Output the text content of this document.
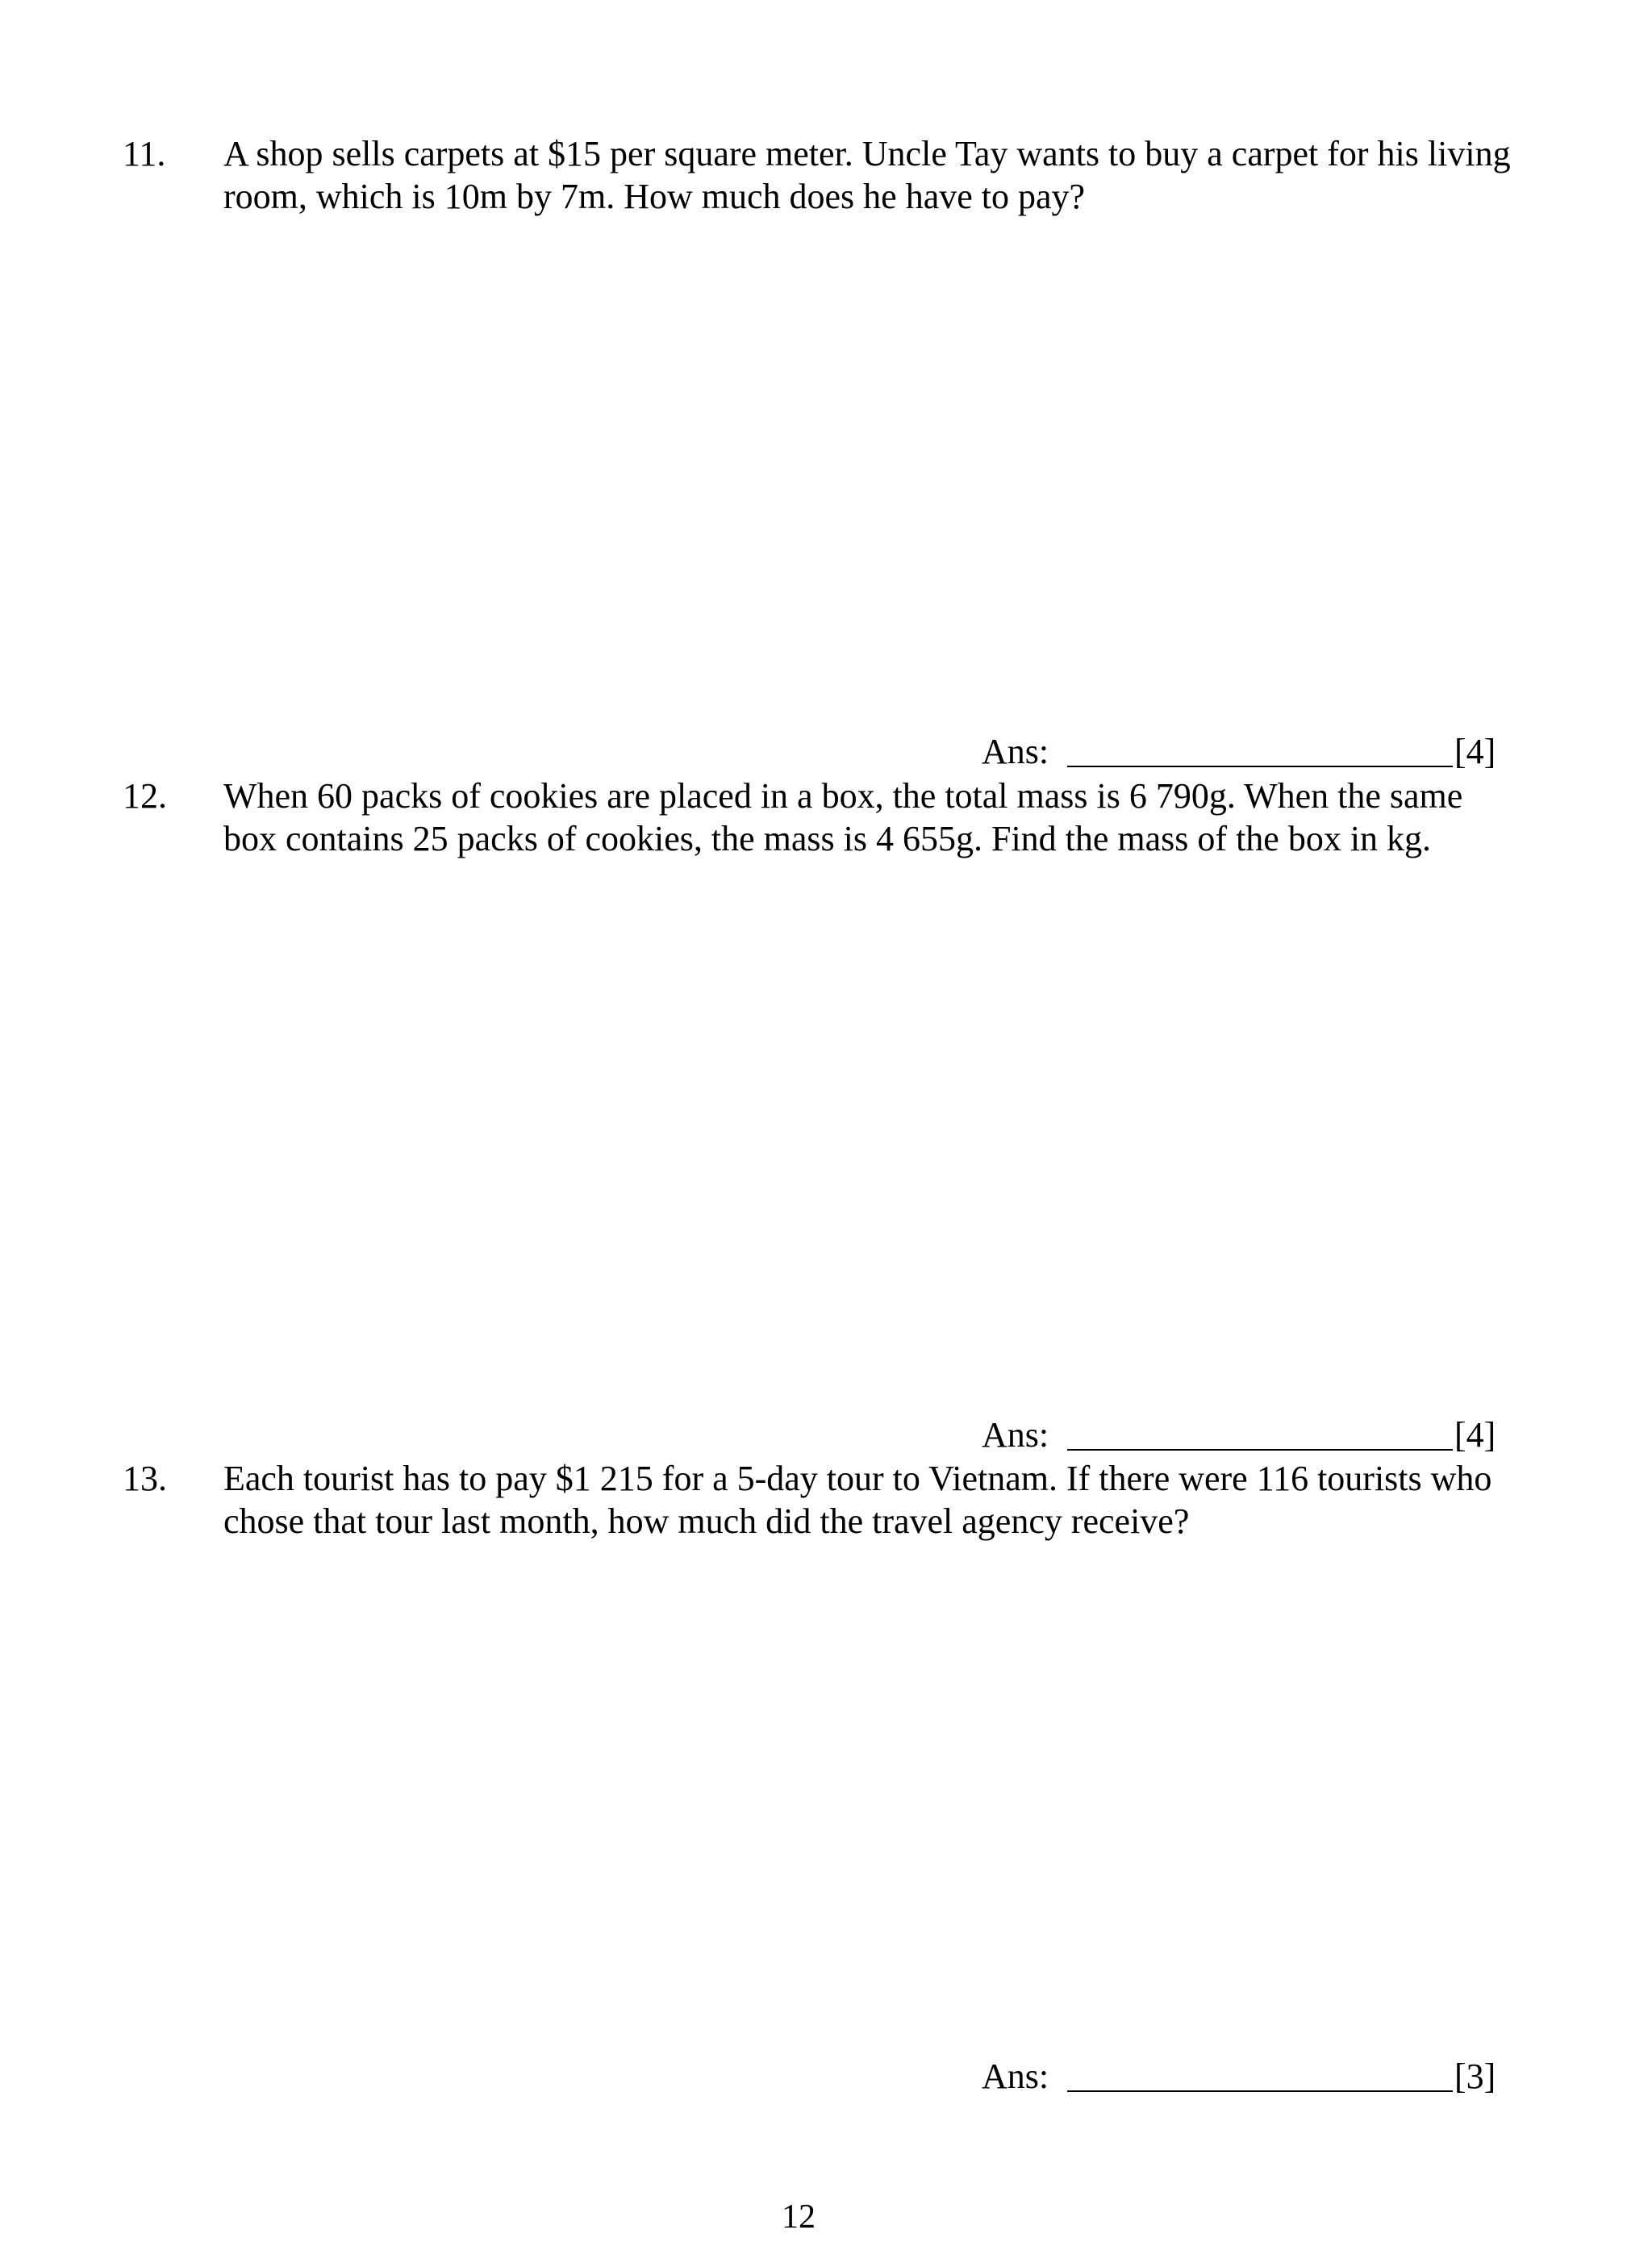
11. A shop sells carpets at $15 per square meter. Uncle Tay wants to buy a carpet for his living room, which is 10m by 7m. How much does he have to pay?
Ans:	[4]
12. When 60 packs of cookies are placed in a box, the total mass is 6 790g. When the same box contains 25 packs of cookies, the mass is 4 655g. Find the mass of the box in kg.
Ans:	[4]
13. Each tourist has to pay $1 215 for a 5-day tour to Vietnam. If there were 116 tourists who chose that tour last month, how much did the travel agency receive?
Ans:	[3]
12
